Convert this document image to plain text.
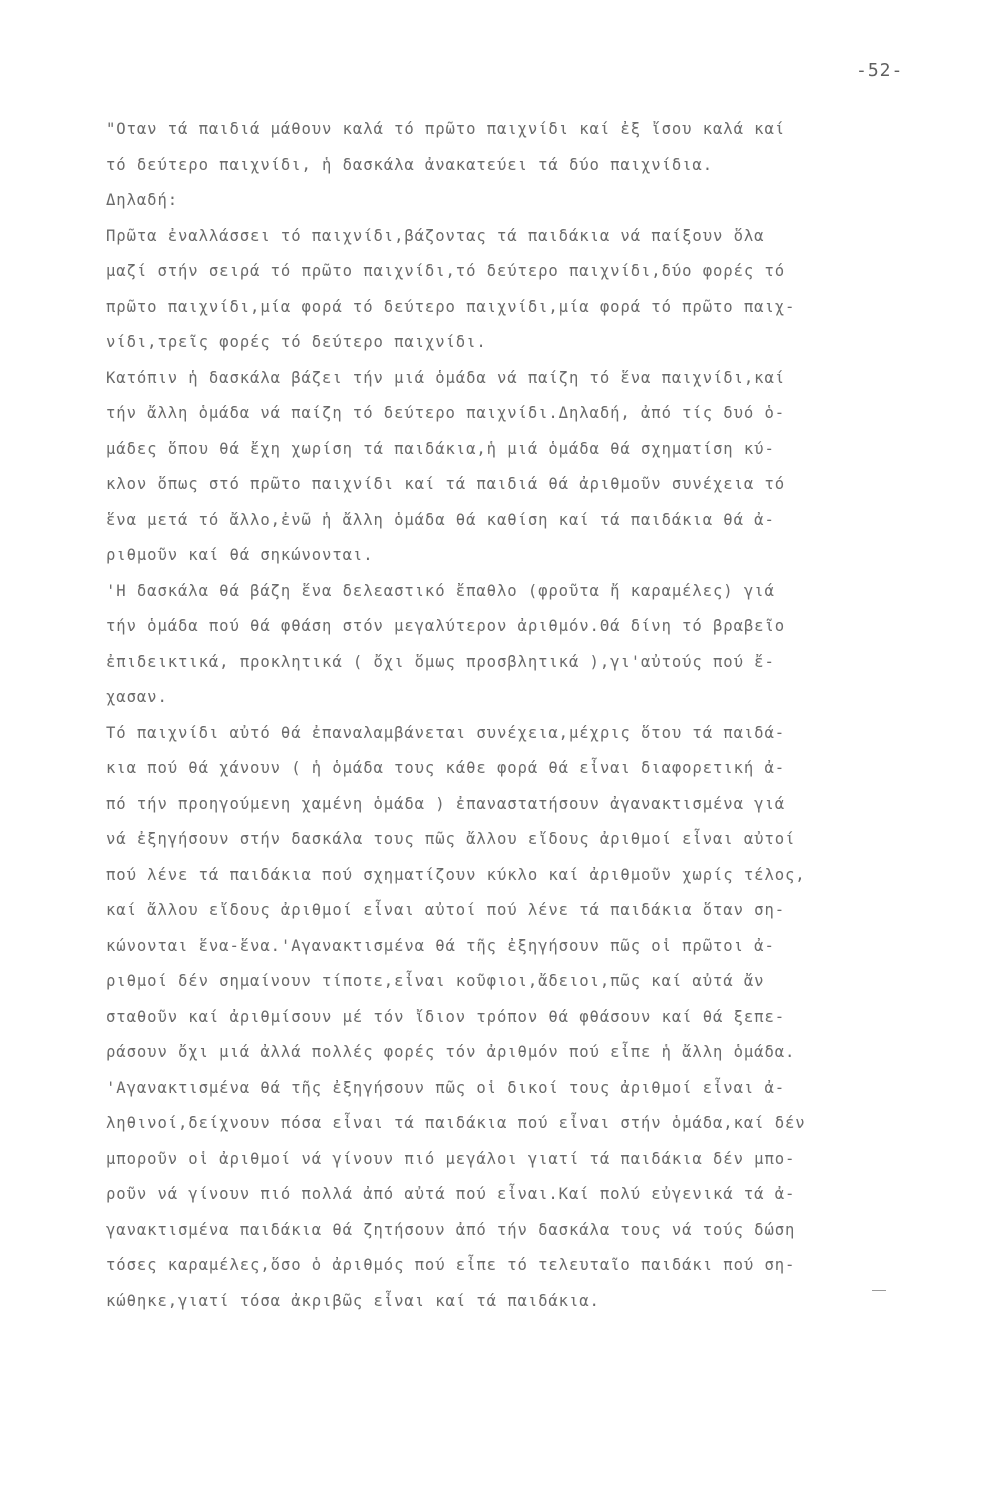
-52-
"Οταν τά παιδιά μάθουν καλά τό πρῶτο παιχνίδι καί ἐξ ἴσου καλά καί
τό δεύτερο παιχνίδι, ἡ δασκάλα ἀνακατεύει τά δύο παιχνίδια.
Δηλαδή:
Πρῶτα ἐναλλάσσει τό παιχνίδι,βάζοντας τά παιδάκια νά παίξουν ὅλα
μαζί στήν σειρά τό πρῶτο παιχνίδι,τό δεύτερο παιχνίδι,δύο φορές τό
πρῶτο παιχνίδι,μία φορά τό δεύτερο παιχνίδι,μία φορά τό πρῶτο παιχ-
νίδι,τρεῖς φορές τό δεύτερο παιχνίδι.
Κατόπιν ἡ δασκάλα βάζει τήν μιά ὁμάδα νά παίζη τό ἕνα παιχνίδι,καί
τήν ἄλλη ὁμάδα νά παίζη τό δεύτερο παιχνίδι.Δηλαδή, ἀπό τίς δυό ὁ-
μάδες ὅπου θά ἔχη χωρίση τά παιδάκια,ἡ μιά ὁμάδα θά σχηματίση κύ-
κλον ὅπως στό πρῶτο παιχνίδι καί τά παιδιά θά ἀριθμοῦν συνέχεια τό
ἕνα μετά τό ἄλλο,ἐνῶ ἡ ἄλλη ὁμάδα θά καθίση καί τά παιδάκια θά ἀ-
ριθμοῦν καί θά σηκώνονται.
'Η δασκάλα θά βάζη ἕνα δελεαστικό ἔπαθλο (φροῦτα ἤ καραμέλες) γιά
τήν ὁμάδα πού θά φθάση στόν μεγαλύτερον ἀριθμόν.Θά δίνη τό βραβεῖο
ἐπιδεικτικά, προκλητικά ( ὄχι ὅμως προσβλητικά ),γι'αὐτούς πού ἔ-
χασαν.
Τό παιχνίδι αὐτό θά ἐπαναλαμβάνεται συνέχεια,μέχρις ὅτου τά παιδά-
κια πού θά χάνουν ( ἡ ὁμάδα τους κάθε φορά θά εἶναι διαφορετική ἀ-
πό τήν προηγούμενη χαμένη ὁμάδα ) ἐπαναστατήσουν ἀγανακτισμένα γιά
νά ἐξηγήσουν στήν δασκάλα τους πῶς ἄλλου εἴδους ἀριθμοί εἶναι αὐτοί
πού λένε τά παιδάκια πού σχηματίζουν κύκλο καί ἀριθμοῦν χωρίς τέλος,
καί ἄλλου εἴδους ἀριθμοί εἶναι αὐτοί πού λένε τά παιδάκια ὅταν ση-
κώνονται ἕνα-ἕνα.'Αγανακτισμένα θά τῆς ἐξηγήσουν πῶς οἱ πρῶτοι ἀ-
ριθμοί δέν σημαίνουν τίποτε,εἶναι κοῦφιοι,ἄδειοι,πῶς καί αὐτά ἄν
σταθοῦν καί ἀριθμίσουν μέ τόν ἴδιον τρόπον θά φθάσουν καί θά ξεπε-
ράσουν ὄχι μιά ἀλλά πολλές φορές τόν ἀριθμόν πού εἶπε ἡ ἄλλη ὁμάδα.
'Αγανακτισμένα θά τῆς ἐξηγήσουν πῶς οἱ δικοί τους ἀριθμοί εἶναι ἀ-
ληθινοί,δείχνουν πόσα εἶναι τά παιδάκια πού εἶναι στήν ὁμάδα,καί δέν
μποροῦν οἱ ἀριθμοί νά γίνουν πιό μεγάλοι γιατί τά παιδάκια δέν μπο-
ροῦν νά γίνουν πιό πολλά ἀπό αὐτά πού εἶναι.Καί πολύ εὐγενικά τά ἀ-
γανακτισμένα παιδάκια θά ζητήσουν ἀπό τήν δασκάλα τους νά τούς δώση
τόσες καραμέλες,ὅσο ὁ ἀριθμός πού εἶπε τό τελευταῖο παιδάκι πού ση-
κώθηκε,γιατί τόσα ἀκριβῶς εἶναι καί τά παιδάκια.
